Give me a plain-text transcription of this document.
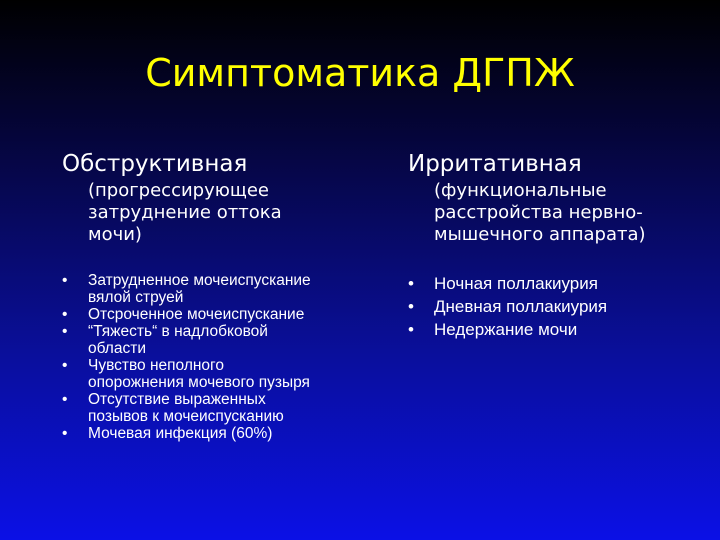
Симптоматика ДГПЖ
Обструктивная
(прогрессирующее
затруднение оттока
мочи)
• Затрудненное мочеиспускание
вялой струей
• Отсроченное мочеиспускание
• “Тяжесть“ в надлобковой
области
• Чувство неполного
опорожнения мочевого пузыря
• Отсутствие выраженных
позывов к мочеиспусканию
• Мочевая инфекция (60%)
Ирритативная
(функциональные
расстройства нервно-
мышечного аппарата)
• Ночная поллакиурия
• Дневная поллакиурия
• Недержание мочи
